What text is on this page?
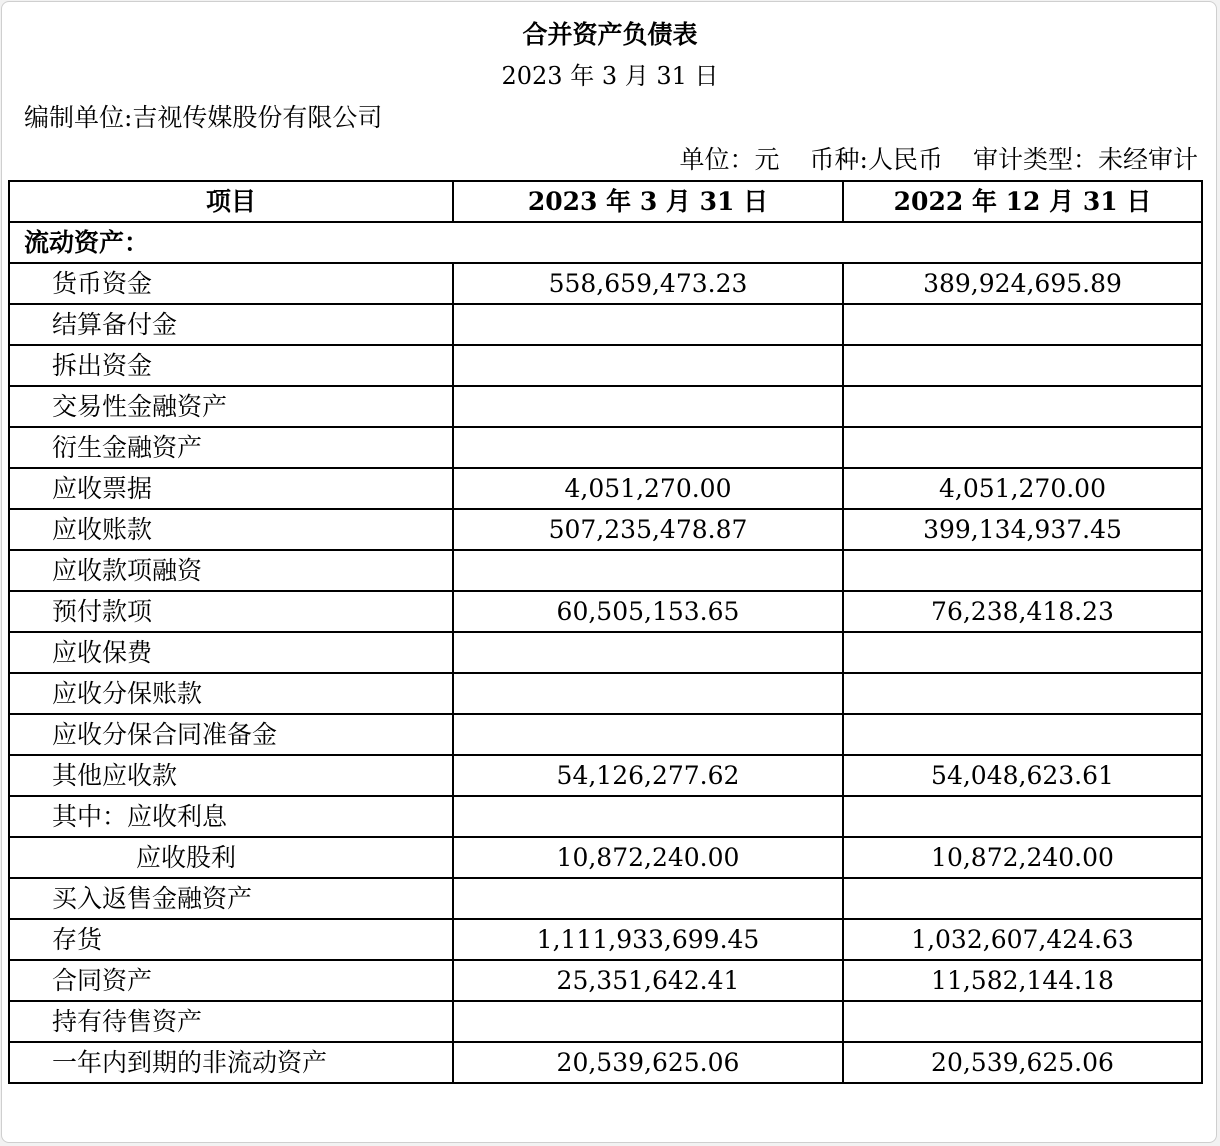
合并资产负债表
2023 年 3 月 31 日
编制单位:吉视传媒股份有限公司
单位：元 币种:人民币 审计类型：未经审计
项目	2023 年 3 月 31 日	2022 年 12 月 31 日
流动资产：		
货币资金	558,659,473.23	389,924,695.89
结算备付金		
拆出资金		
交易性金融资产		
衍生金融资产		
应收票据	4,051,270.00	4,051,270.00
应收账款	507,235,478.87	399,134,937.45
应收款项融资		
预付款项	60,505,153.65	76,238,418.23
应收保费		
应收分保账款		
应收分保合同准备金		
其他应收款	54,126,277.62	54,048,623.61
其中：应收利息		
应收股利	10,872,240.00	10,872,240.00
买入返售金融资产		
存货	1,111,933,699.45	1,032,607,424.63
合同资产	25,351,642.41	11,582,144.18
持有待售资产		
一年内到期的非流动资产	20,539,625.06	20,539,625.06
